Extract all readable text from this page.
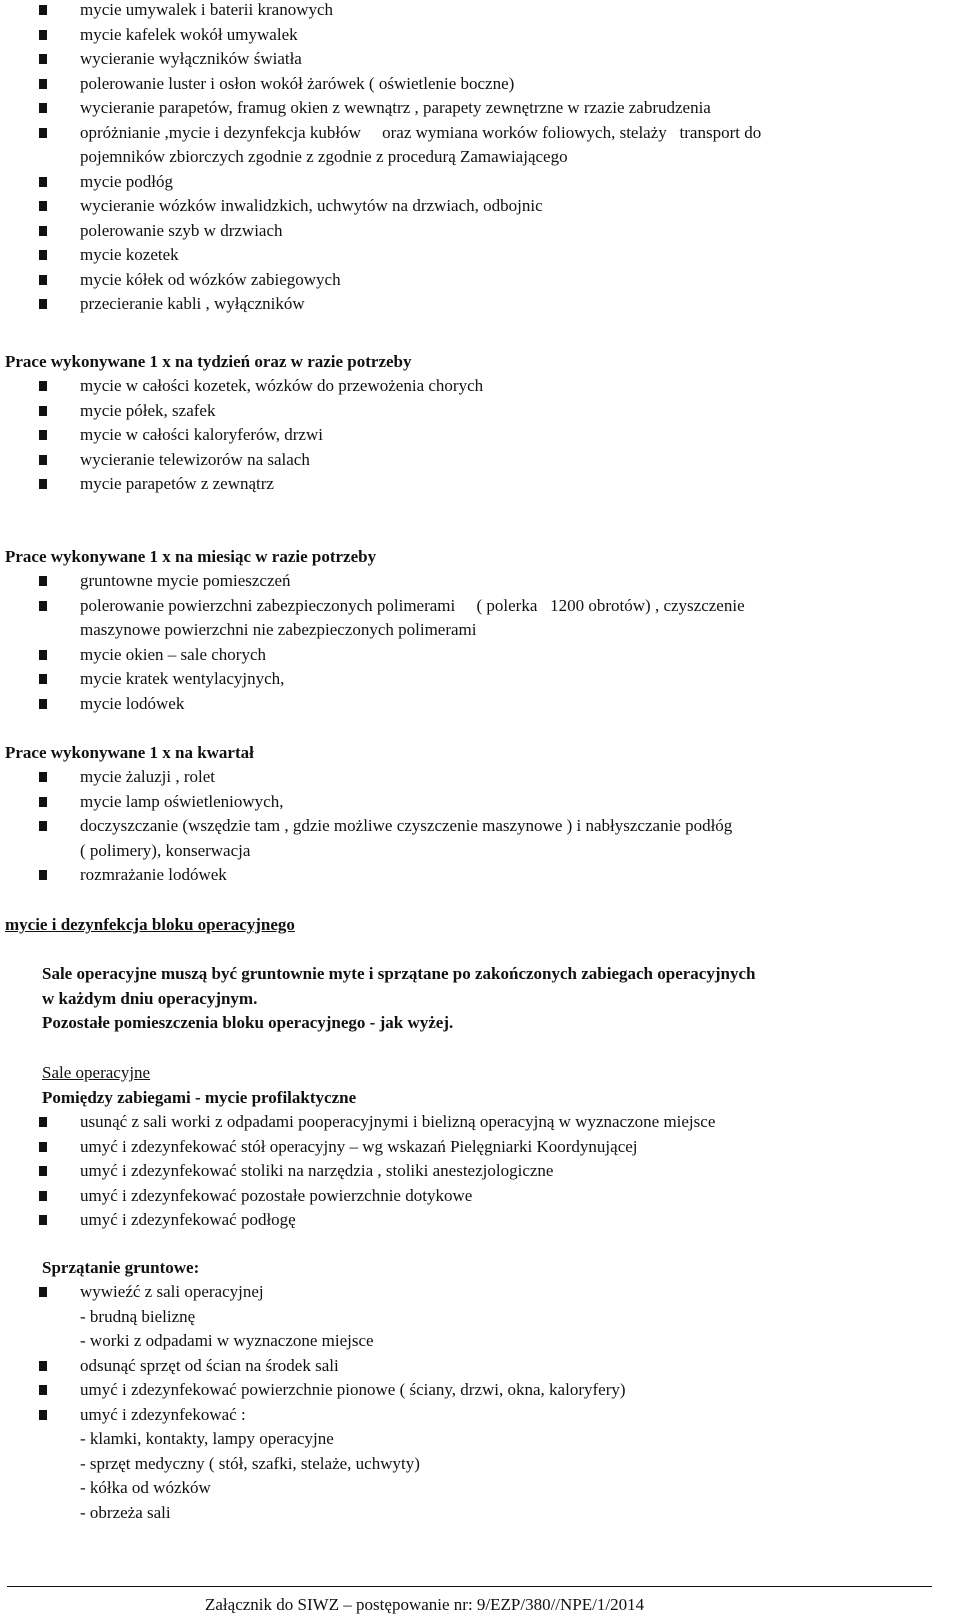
mycie umywalek i baterii kranowych
mycie kafelek wokół umywalek
wycieranie wyłączników światła
polerowanie luster i osłon wokół żarówek ( oświetlenie boczne)
wycieranie parapetów, framug okien z wewnątrz , parapety zewnętrzne w rzazie zabrudzenia
opróżnianie ,mycie i dezynfekcja kubłów     oraz wymiana worków foliowych, stelaży   transport do
pojemników zbiorczych zgodnie z zgodnie z procedurą Zamawiającego
mycie podłóg
wycieranie wózków inwalidzkich, uchwytów na drzwiach, odbojnic
polerowanie szyb w drzwiach
mycie kozetek
mycie kółek od wózków zabiegowych
przecieranie kabli , wyłączników
Prace wykonywane 1 x na tydzień oraz w razie potrzeby
mycie w całości kozetek, wózków do przewożenia chorych
mycie półek, szafek
mycie w całości kaloryferów, drzwi
wycieranie telewizorów na salach
mycie parapetów z zewnątrz
Prace wykonywane 1 x na miesiąc w razie potrzeby
gruntowne mycie pomieszczeń
polerowanie powierzchni zabezpieczonych polimerami     ( polerka   1200 obrotów) , czyszczenie
maszynowe powierzchni nie zabezpieczonych polimerami
mycie okien – sale chorych
mycie kratek wentylacyjnych,
mycie lodówek
Prace wykonywane 1 x na kwartał
mycie żaluzji , rolet
mycie lamp oświetleniowych,
doczyszczanie (wszędzie tam , gdzie możliwe czyszczenie maszynowe ) i nabłyszczanie podłóg
( polimery), konserwacja
rozmrażanie lodówek
mycie i dezynfekcja bloku operacyjnego
Sale operacyjne muszą być gruntownie myte i sprzątane po zakończonych zabiegach operacyjnych
w każdym dniu operacyjnym.
Pozostałe pomieszczenia bloku operacyjnego - jak wyżej.
Sale operacyjne
Pomiędzy zabiegami - mycie profilaktyczne
usunąć z sali worki z odpadami pooperacyjnymi i bielizną operacyjną w wyznaczone miejsce
umyć i zdezynfekować stół operacyjny – wg wskazań Pielęgniarki Koordynującej
umyć i zdezynfekować stoliki na narzędzia , stoliki anestezjologiczne
umyć i zdezynfekować pozostałe powierzchnie dotykowe
umyć i zdezynfekować podłogę
Sprzątanie gruntowe:
wywieźć z sali operacyjnej
- brudną bieliznę
- worki z odpadami w wyznaczone miejsce
odsunąć sprzęt od ścian na środek sali
umyć i zdezynfekować powierzchnie pionowe ( ściany, drzwi, okna, kaloryfery)
umyć i zdezynfekować :
- klamki, kontakty, lampy operacyjne
- sprzęt medyczny ( stół, szafki, stelaże, uchwyty)
- kółka od wózków
- obrzeża sali
Załącznik do SIWZ – postępowanie nr: 9/EZP/380//NPE/1/2014
